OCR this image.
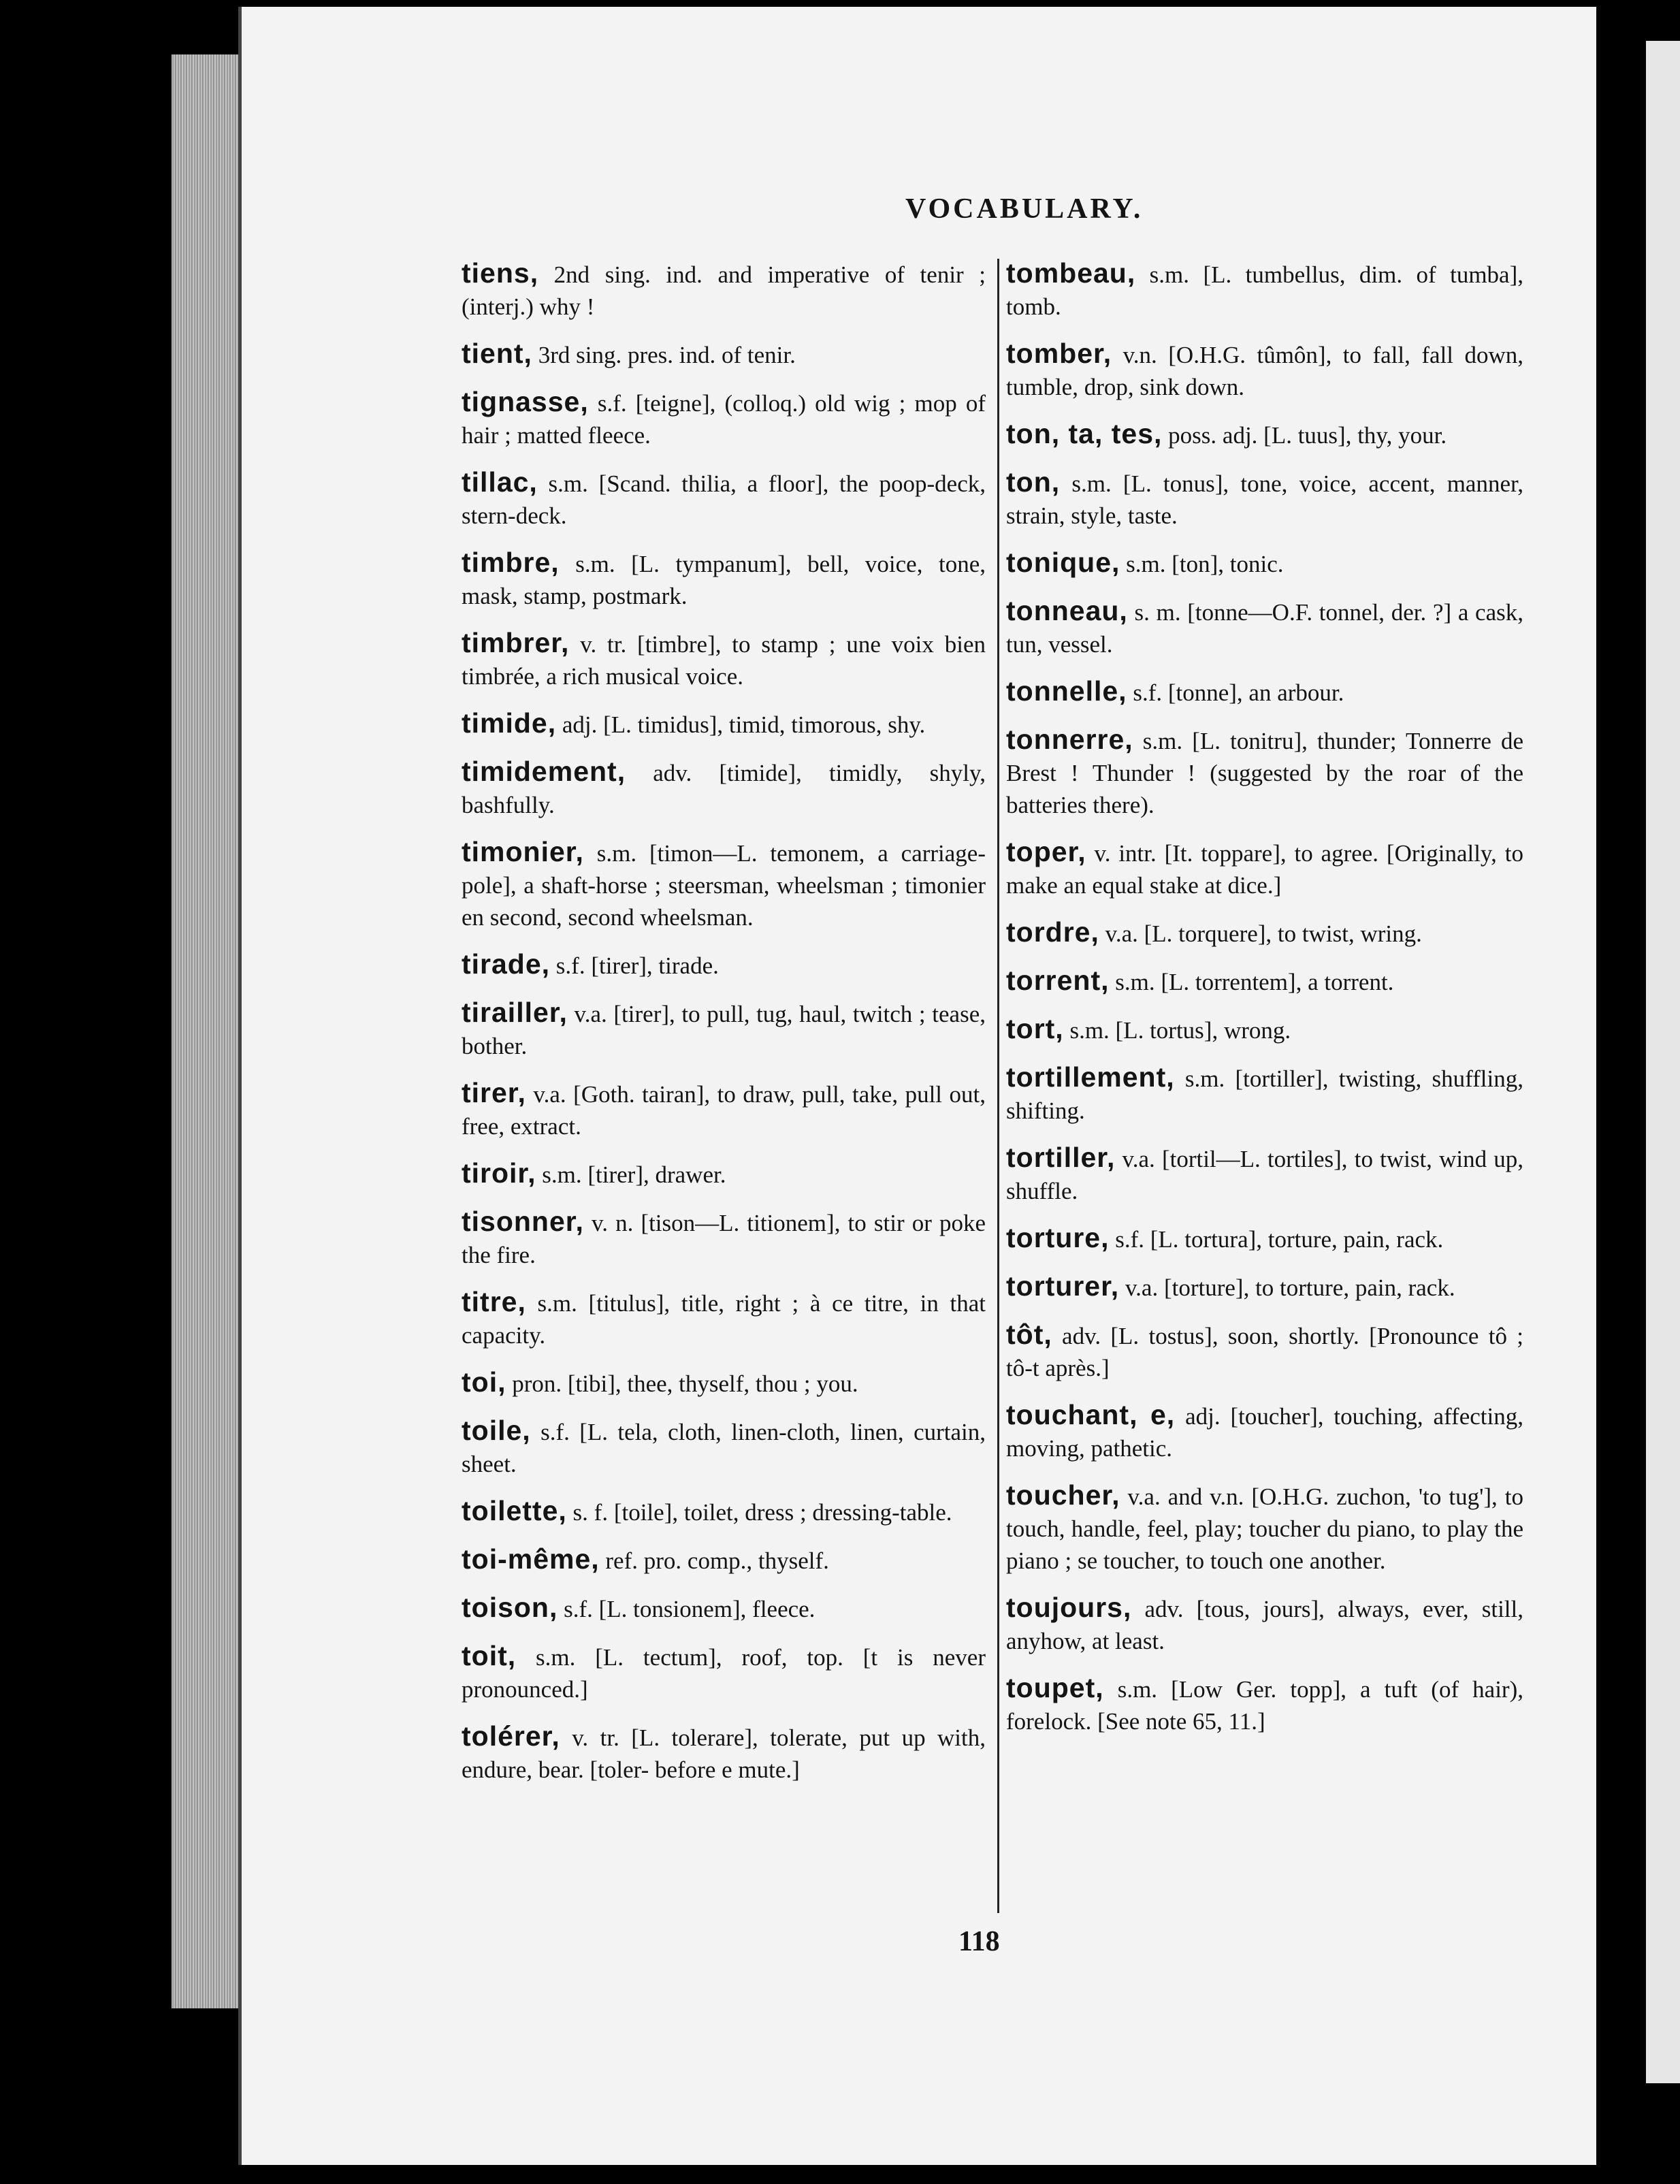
VOCABULARY.
tiens, 2nd sing. ind. and imperative of tenir ; (interj.) why !
tient, 3rd sing. pres. ind. of tenir.
tignasse, s.f. [teigne], (colloq.) old wig ; mop of hair ; matted fleece.
tillac, s.m. [Scand. thilia, a floor], the poop-deck, stern-deck.
timbre, s.m. [L. tympanum], bell, voice, tone, mask, stamp, postmark.
timbrer, v. tr. [timbre], to stamp ; une voix bien timbrée, a rich musical voice.
timide, adj. [L. timidus], timid, timorous, shy.
timidement, adv. [timide], timidly, shyly, bashfully.
timonier, s.m. [timon—L. temonem, a carriage-pole], a shaft-horse ; steersman, wheelsman ; timonier en second, second wheelsman.
tirade, s.f. [tirer], tirade.
tirailler, v.a. [tirer], to pull, tug, haul, twitch ; tease, bother.
tirer, v.a. [Goth. tairan], to draw, pull, take, pull out, free, extract.
tiroir, s.m. [tirer], drawer.
tisonner, v. n. [tison—L. titionem], to stir or poke the fire.
titre, s.m. [titulus], title, right ; à ce titre, in that capacity.
toi, pron. [tibi], thee, thyself, thou ; you.
toile, s.f. [L. tela, cloth, linen-cloth, linen, curtain, sheet.
toilette, s. f. [toile], toilet, dress ; dressing-table.
toi-même, ref. pro. comp., thyself.
toison, s.f. [L. tonsionem], fleece.
toit, s.m. [L. tectum], roof, top. [t is never pronounced.]
tolérer, v. tr. [L. tolerare], tolerate, put up with, endure, bear. [toler- before e mute.]
tombeau, s.m. [L. tumbellus, dim. of tumba], tomb.
tomber, v.n. [O.H.G. tûmôn], to fall, fall down, tumble, drop, sink down.
ton, ta, tes, poss. adj. [L. tuus], thy, your.
ton, s.m. [L. tonus], tone, voice, accent, manner, strain, style, taste.
tonique, s.m. [ton], tonic.
tonneau, s. m. [tonne—O.F. tonnel, der. ?] a cask, tun, vessel.
tonnelle, s.f. [tonne], an arbour.
tonnerre, s.m. [L. tonitru], thunder; Tonnerre de Brest ! Thunder ! (suggested by the roar of the batteries there).
toper, v. intr. [It. toppare], to agree. [Originally, to make an equal stake at dice.]
tordre, v.a. [L. torquere], to twist, wring.
torrent, s.m. [L. torrentem], a torrent.
tort, s.m. [L. tortus], wrong.
tortillement, s.m. [tortiller], twisting, shuffling, shifting.
tortiller, v.a. [tortil—L. tortiles], to twist, wind up, shuffle.
torture, s.f. [L. tortura], torture, pain, rack.
torturer, v.a. [torture], to torture, pain, rack.
tôt, adv. [L. tostus], soon, shortly. [Pronounce tô ; tô-t après.]
touchant, e, adj. [toucher], touching, affecting, moving, pathetic.
toucher, v.a. and v.n. [O.H.G. zuchon, 'to tug'], to touch, handle, feel, play; toucher du piano, to play the piano ; se toucher, to touch one another.
toujours, adv. [tous, jours], always, ever, still, anyhow, at least.
toupet, s.m. [Low Ger. topp], a tuft (of hair), forelock. [See note 65, 11.]
118
